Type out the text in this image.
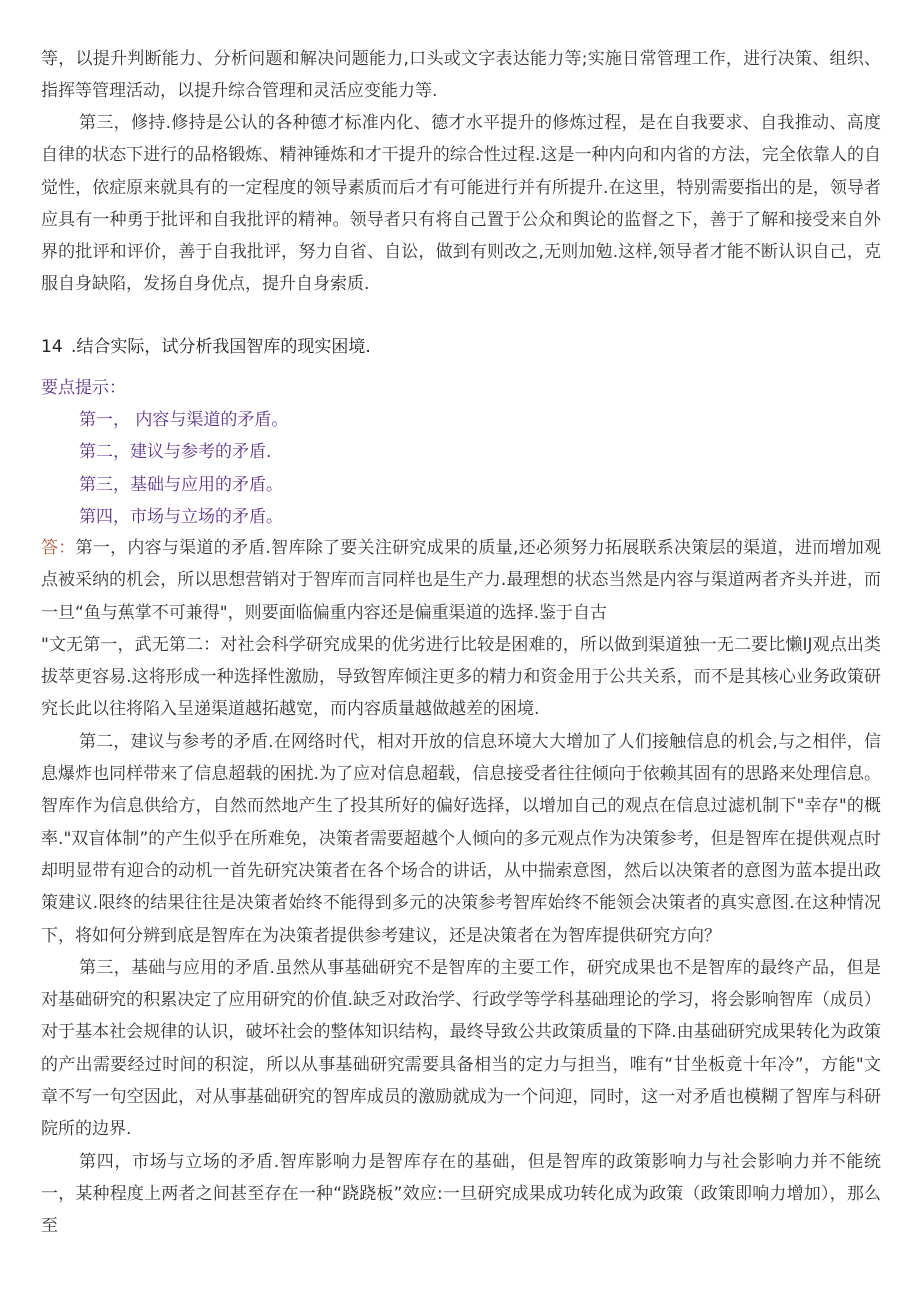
等，以提升判断能力、分析问题和解决问题能力,口头或文字表达能力等;实施日常管理工作，进行决策、组织、指挥等管理活动，以提升综合管理和灵活应变能力等.

第三，修持.修持是公认的各种德才标准内化、德才水平提升的修炼过程，是在自我要求、自我推动、高度自律的状态下进行的品格锻炼、精神锤炼和才干提升的综合性过程.这是一种内向和内省的方法，完全依靠人的自觉性，依症原来就具有的一定程度的领导素质而后才有可能进行并有所提升.在这里，特别需要指出的是，领导者应具有一种勇于批评和自我批评的精神。领导者只有将自己置于公众和舆论的监督之下，善于了解和接受来自外界的批评和评价，善于自我批评，努力自省、自讼，做到有则改之,无则加勉.这样,领导者才能不断认识自己，克服自身缺陷，发扬自身优点，提升自身索质.

14 .结合实际，试分析我国智库的现实困境.

要点提示：

第一， 内容与渠道的矛盾。

第二，建议与参考的矛盾.

第三，基础与应用的矛盾。

第四，市场与立场的矛盾。

答：第一，内容与渠道的矛盾.智库除了要关注研究成果的质量,还必须努力拓展联系决策层的渠道，进而增加观点被采纳的机会，所以思想营销对于智库而言同样也是生产力.最理想的状态当然是内容与渠道两者齐头并进，而一旦“鱼与蕉掌不可兼得"，则要面临偏重内容还是偏重渠道的选择.鉴于自古

"文无第一，武无第二：对社会科学研究成果的优劣进行比较是困难的，所以做到渠道独一无二要比懒IJ观点出类拔萃更容易.这将形成一种选择性激励，导致智库倾注更多的精力和资金用于公共关系，而不是其核心业务政策研究长此以往将陷入呈递渠道越拓越宽，而内容质量越做越差的困境.

第二，建议与参考的矛盾.在网络时代，相对开放的信息环境大大增加了人们接触信息的机会,与之相伴，信息爆炸也同样带来了信息超载的困扰.为了应对信息超载，信息接受者往往倾向于依赖其固有的思路来处理信息。智库作为信息供给方，自然而然地产生了投其所好的偏好选择，以增加自己的观点在信息过滤机制下"幸存"的概率."双盲体制”的产生似乎在所难免，决策者需要超越个人倾向的多元观点作为决策参考，但是智库在提供观点时却明显带有迎合的动机一首先研究决策者在各个场合的讲话，从中揣索意图，然后以决策者的意图为蓝本提出政策建议.限终的结果往往是决策者始终不能得到多元的决策参考智库始终不能领会决策者的真实意图.在这种情况下，将如何分辨到底是智库在为决策者提供参考建议，还是决策者在为智库提供研究方向？

第三，基础与应用的矛盾.虽然从事基础研究不是智库的主要工作，研究成果也不是智库的最终产品，但是对基础研究的积累决定了应用研究的价值.缺乏对政治学、行政学等学科基础理论的学习，将会影响智库（成员）对于基本社会规律的认识，破坏社会的整体知识结构，最终导致公共政策质量的下降.由基础研究成果转化为政策的产出需要经过时间的积淀，所以从事基础研究需要具备相当的定力与担当，唯有“甘坐板竟十年冷”，方能"文章不写一句空因此，对从事基础研究的智库成员的激励就成为一个问迎，同时，这一对矛盾也模糊了智库与科研院所的边界.

第四，市场与立场的矛盾.智库影响力是智库存在的基础，但是智库的政策影响力与社会影响力并不能统一，某种程度上两者之间甚至存在一种“跷跷板”效应:一旦研究成果成功转化成为政策（政策即响力增加），那么至
